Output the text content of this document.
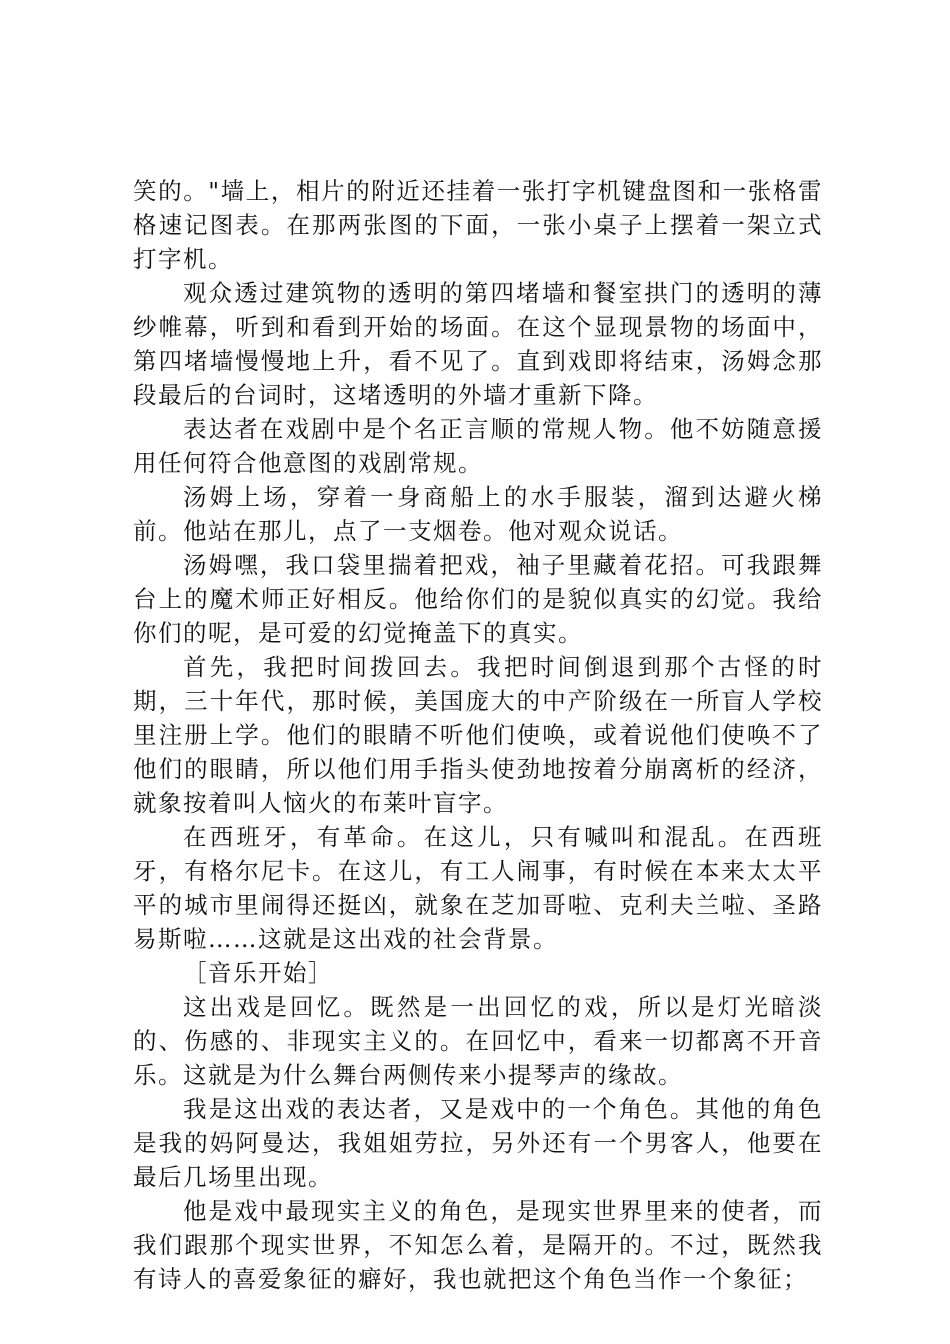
笑的。"墙上，相片的附近还挂着一张打字机键盘图和一张格雷格速记图表。在那两张图的下面，一张小桌子上摆着一架立式打字机。

观众透过建筑物的透明的第四堵墙和餐室拱门的透明的薄纱帷幕，听到和看到开始的场面。在这个显现景物的场面中，第四堵墙慢慢地上升，看不见了。直到戏即将结束，汤姆念那段最后的台词时，这堵透明的外墙才重新下降。

表达者在戏剧中是个名正言顺的常规人物。他不妨随意援用任何符合他意图的戏剧常规。

汤姆上场，穿着一身商船上的水手服装，溜到达避火梯前。他站在那儿，点了一支烟卷。他对观众说话。

汤姆嘿，我口袋里揣着把戏，袖子里藏着花招。可我跟舞台上的魔术师正好相反。他给你们的是貌似真实的幻觉。我给你们的呢，是可爱的幻觉掩盖下的真实。

首先，我把时间拨回去。我把时间倒退到那个古怪的时期，三十年代，那时候，美国庞大的中产阶级在一所盲人学校里注册上学。他们的眼睛不听他们使唤，或着说他们使唤不了他们的眼睛，所以他们用手指头使劲地按着分崩离析的经济，就象按着叫人恼火的布莱叶盲字。

在西班牙，有革命。在这儿，只有喊叫和混乱。在西班牙，有格尔尼卡。在这儿，有工人闹事，有时候在本来太太平平的城市里闹得还挺凶，就象在芝加哥啦、克利夫兰啦、圣路易斯啦……这就是这出戏的社会背景。

［音乐开始］

这出戏是回忆。既然是一出回忆的戏，所以是灯光暗淡的、伤感的、非现实主义的。在回忆中，看来一切都离不开音乐。这就是为什么舞台两侧传来小提琴声的缘故。

我是这出戏的表达者，又是戏中的一个角色。其他的角色是我的妈阿曼达，我姐姐劳拉，另外还有一个男客人，他要在最后几场里出现。

他是戏中最现实主义的角色，是现实世界里来的使者，而我们跟那个现实世界，不知怎么着，是隔开的。不过，既然我有诗人的喜爱象征的癖好，我也就把这个角色当作一个象征；
